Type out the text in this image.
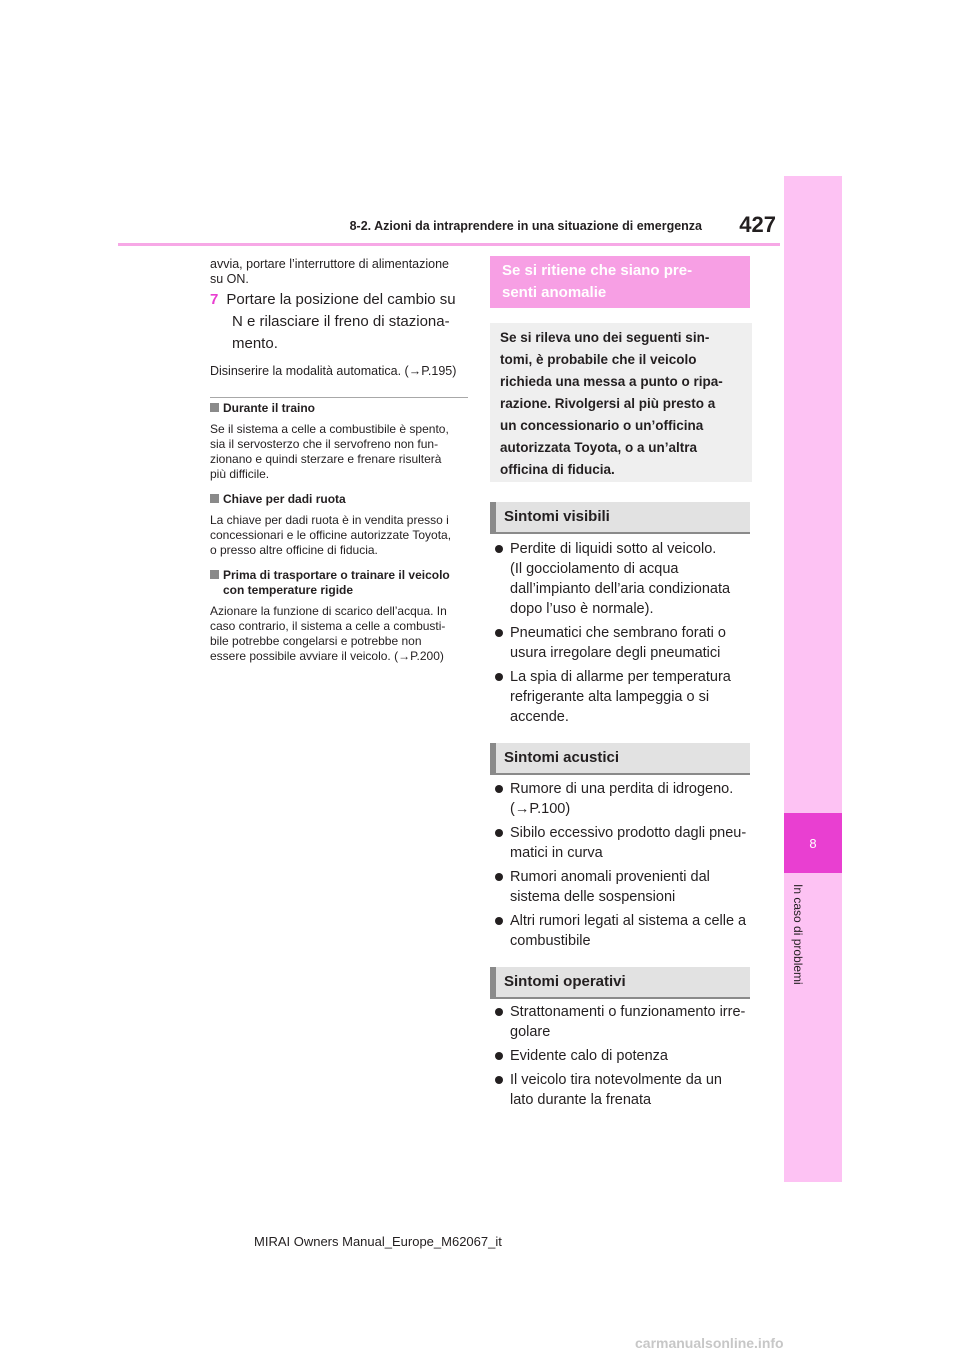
8-2. Azioni da intraprendere in una situazione di emergenza	427
8
In caso di problemi
avvia, portare l’interruttore di alimentazione
su ON.
7 Portare la posizione del cambio su
N e rilasciare il freno di staziona-
mento.
Disinserire la modalità automatica. (→P.195)
Durante il traino
Se il sistema a celle a combustibile è spento,
sia il servosterzo che il servofreno non fun-
zionano e quindi sterzare e frenare risulterà
più difficile.
Chiave per dadi ruota
La chiave per dadi ruota è in vendita presso i
concessionari e le officine autorizzate Toyota,
o presso altre officine di fiducia.
Prima di trasportare o trainare il veicolo
con temperature rigide
Azionare la funzione di scarico dell’acqua. In
caso contrario, il sistema a celle a combusti-
bile potrebbe congelarsi e potrebbe non
essere possibile avviare il veicolo. (→P.200)
Se si ritiene che siano pre-
senti anomalie
Se si rileva uno dei seguenti sin-
tomi, è probabile che il veicolo
richieda una messa a punto o ripa-
razione. Rivolgersi al più presto a
un concessionario o un’officina
autorizzata Toyota, o a un’altra
officina di fiducia.
Sintomi visibili
Perdite di liquidi sotto al veicolo.
(Il gocciolamento di acqua
dall’impianto dell’aria condizionata
dopo l’uso è normale).
Pneumatici che sembrano forati o
usura irregolare degli pneumatici
La spia di allarme per temperatura
refrigerante alta lampeggia o si
accende.
Sintomi acustici
Rumore di una perdita di idrogeno.
(→P.100)
Sibilo eccessivo prodotto dagli pneu-
matici in curva
Rumori anomali provenienti dal
sistema delle sospensioni
Altri rumori legati al sistema a celle a
combustibile
Sintomi operativi
Strattonamenti o funzionamento irre-
golare
Evidente calo di potenza
Il veicolo tira notevolmente da un
lato durante la frenata
MIRAI Owners Manual_Europe_M62067_it
carmanualsonline.info
